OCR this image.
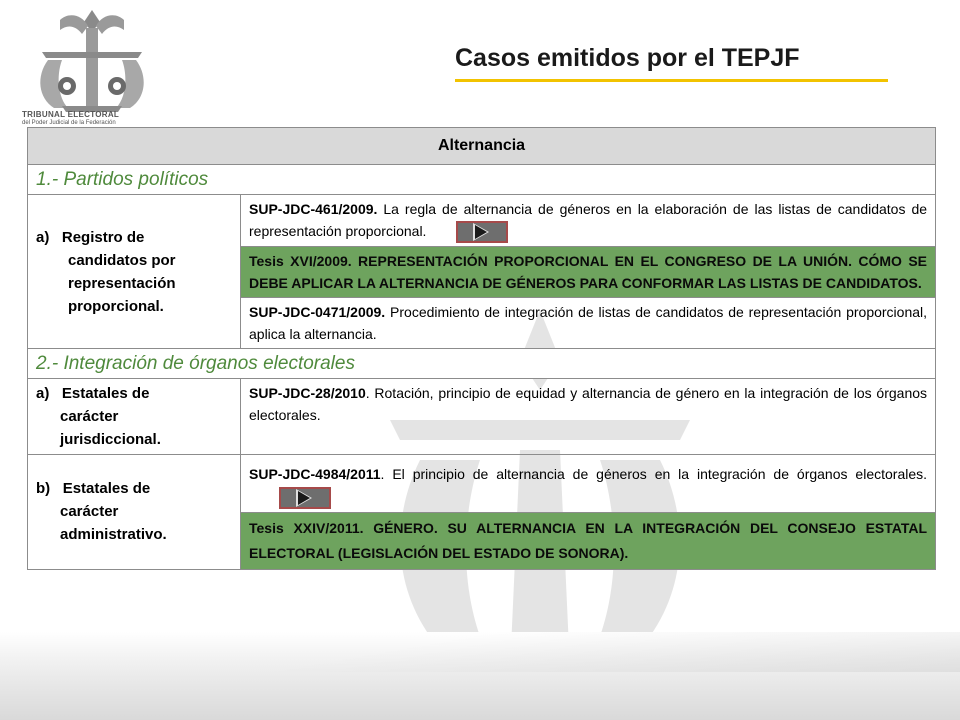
TRIBUNAL ELECTORAL
del Poder Judicial de la Federación
Casos emitidos por el TEPJF
Alternancia	
1.- Partidos políticos	

a) Registro de
candidatos por
representación
proporcional.	SUP-JDC-461/2009. La regla de alternancia de géneros en la elaboración de las listas de candidatos de representación proporcional.

	Tesis XVI/2009. REPRESENTACIÓN PROPORCIONAL EN EL CONGRESO DE LA UNIÓN. CÓMO SE DEBE APLICAR LA ALTERNANCIA DE GÉNEROS PARA CONFORMAR LAS LISTAS DE CANDIDATOS.

	SUP-JDC-0471/2009. Procedimiento de integración de listas de candidatos de representación proporcional, aplica la alternancia.

2.- Integración de órganos electorales	

a) Estatales de
carácter
jurisdiccional.	SUP-JDC-28/2010. Rotación, principio de equidad y alternancia de género en la integración de los órganos electorales.

b) Estatales de
carácter
administrativo.	SUP-JDC-4984/2011. El principio de alternancia de géneros en la integración de órganos electorales.

	Tesis XXIV/2011. GÉNERO. SU ALTERNANCIA EN LA INTEGRACIÓN DEL CONSEJO ESTATAL ELECTORAL (LEGISLACIÓN DEL ESTADO DE SONORA).
